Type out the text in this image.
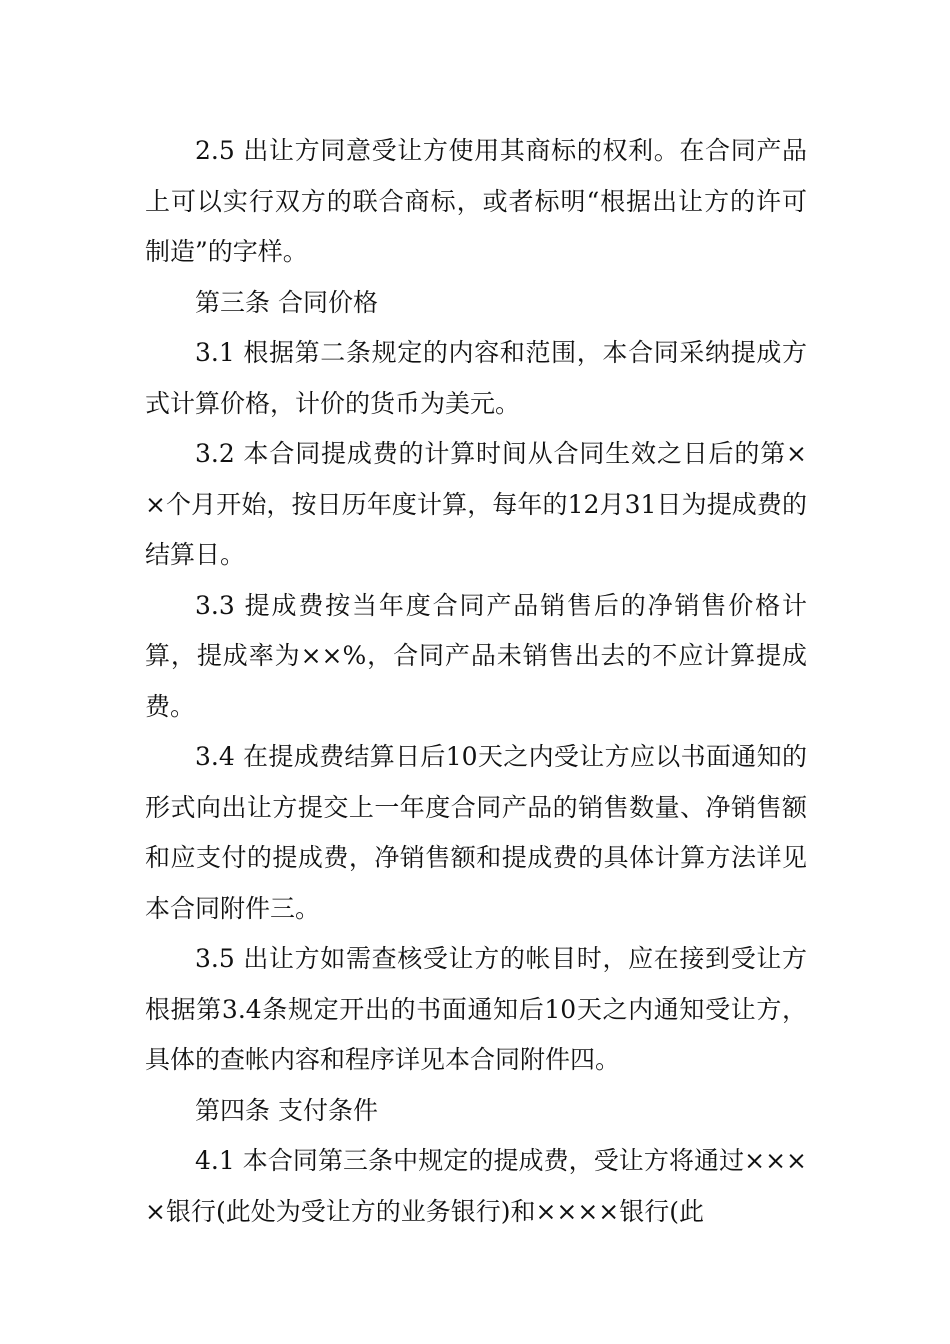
2.5 出让方同意受让方使用其商标的权利。在合同产品上可以实行双方的联合商标，或者标明“根据出让方的许可制造”的字样。

第三条 合同价格

3.1 根据第二条规定的内容和范围，本合同采纳提成方式计算价格，计价的货币为美元。

3.2 本合同提成费的计算时间从合同生效之日后的第××个月开始，按日历年度计算，每年的12月31日为提成费的结算日。

3.3 提成费按当年度合同产品销售后的净销售价格计算，提成率为××%，合同产品未销售出去的不应计算提成费。

3.4 在提成费结算日后10天之内受让方应以书面通知的形式向出让方提交上一年度合同产品的销售数量、净销售额和应支付的提成费，净销售额和提成费的具体计算方法详见本合同附件三。

3.5 出让方如需查核受让方的帐目时，应在接到受让方根据第3.4条规定开出的书面通知后10天之内通知受让方，具体的查帐内容和程序详见本合同附件四。

第四条 支付条件

4.1 本合同第三条中规定的提成费，受让方将通过××××银行(此处为受让方的业务银行)和××××银行(此
